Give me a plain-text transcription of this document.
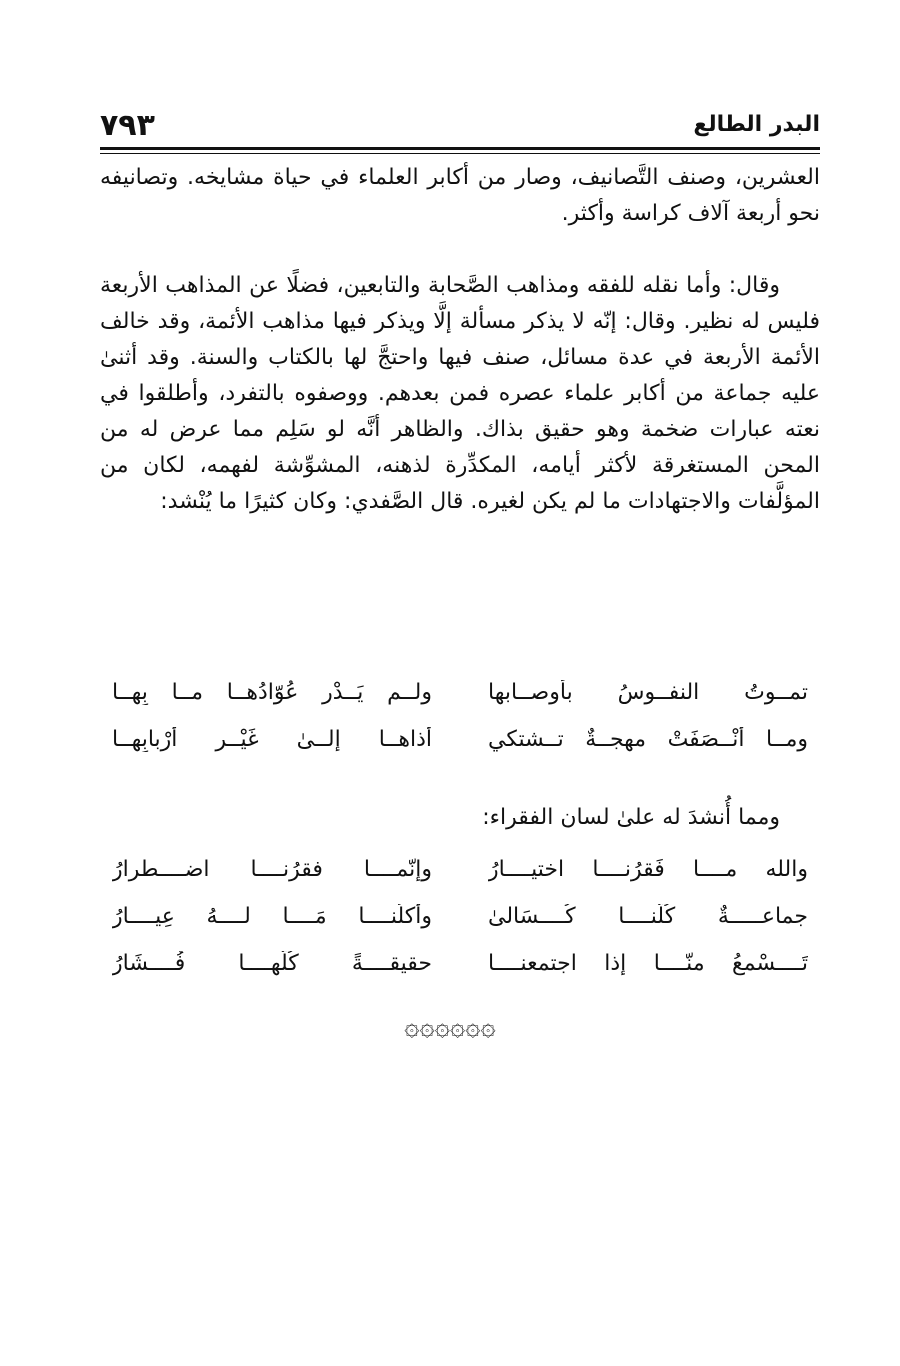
البدر الطالع
٧٩٣

العشرين، وصنف التَّصانيف، وصار من أكابر العلماء في حياة مشايخه. وتصانيفه نحو أربعة آلاف كراسة وأكثر.

وقال: وأما نقله للفقه ومذاهب الصَّحابة والتابعين، فضلًا عن المذاهب الأربعة فليس له نظير. وقال: إنّه لا يذكر مسألة إلَّا ويذكر فيها مذاهب الأئمة، وقد خالف الأئمة الأربعة في عدة مسائل، صنف فيها واحتجَّ لها بالكتاب والسنة. وقد أثنىٰ عليه جماعة من أكابر علماء عصره فمن بعدهم. ووصفوه بالتفرد، وأطلقوا في نعته عبارات ضخمة وهو حقيق بذاك. والظاهر أنَّه لو سَلِم مما عرض له من المحن المستغرقة لأكثر أيامه، المكدِّرة لذهنه، المشوِّشة لفهمه، لكان من المؤلَّفات والاجتهادات ما لم يكن لغيره. قال الصَّفدي: وكان كثيرًا ما يُنْشد:

تمــوتُ النفــوسُ بأوصــابها
ولــم يَــدْرِ عُوّادُهــا مــا بِهــا
ومــا أنْــصَفَتْ مهجــةٌ تــشتكي
أذاهــا إلــىٰ غَيْــر أرْبابِهــا
ومما أُنشدَ له علىٰ لسان الفقراء:
والله مــــا فَقرُنــــا اختيــــارُ
وإنّمــــا فقرُنــــا اضــــطرارُ
جماعـــــةٌ كُلُّنــــا كُــــسَالىٰ
وأكلُنــــا مَــــا لــــهُ عِيــــارُ
تَــــسْمعُ منّــــا إذا اجتمعنــــا
حقيقــــةً كُلّهــــا فُــــشَارُ
۞۞۞۞۞۞
